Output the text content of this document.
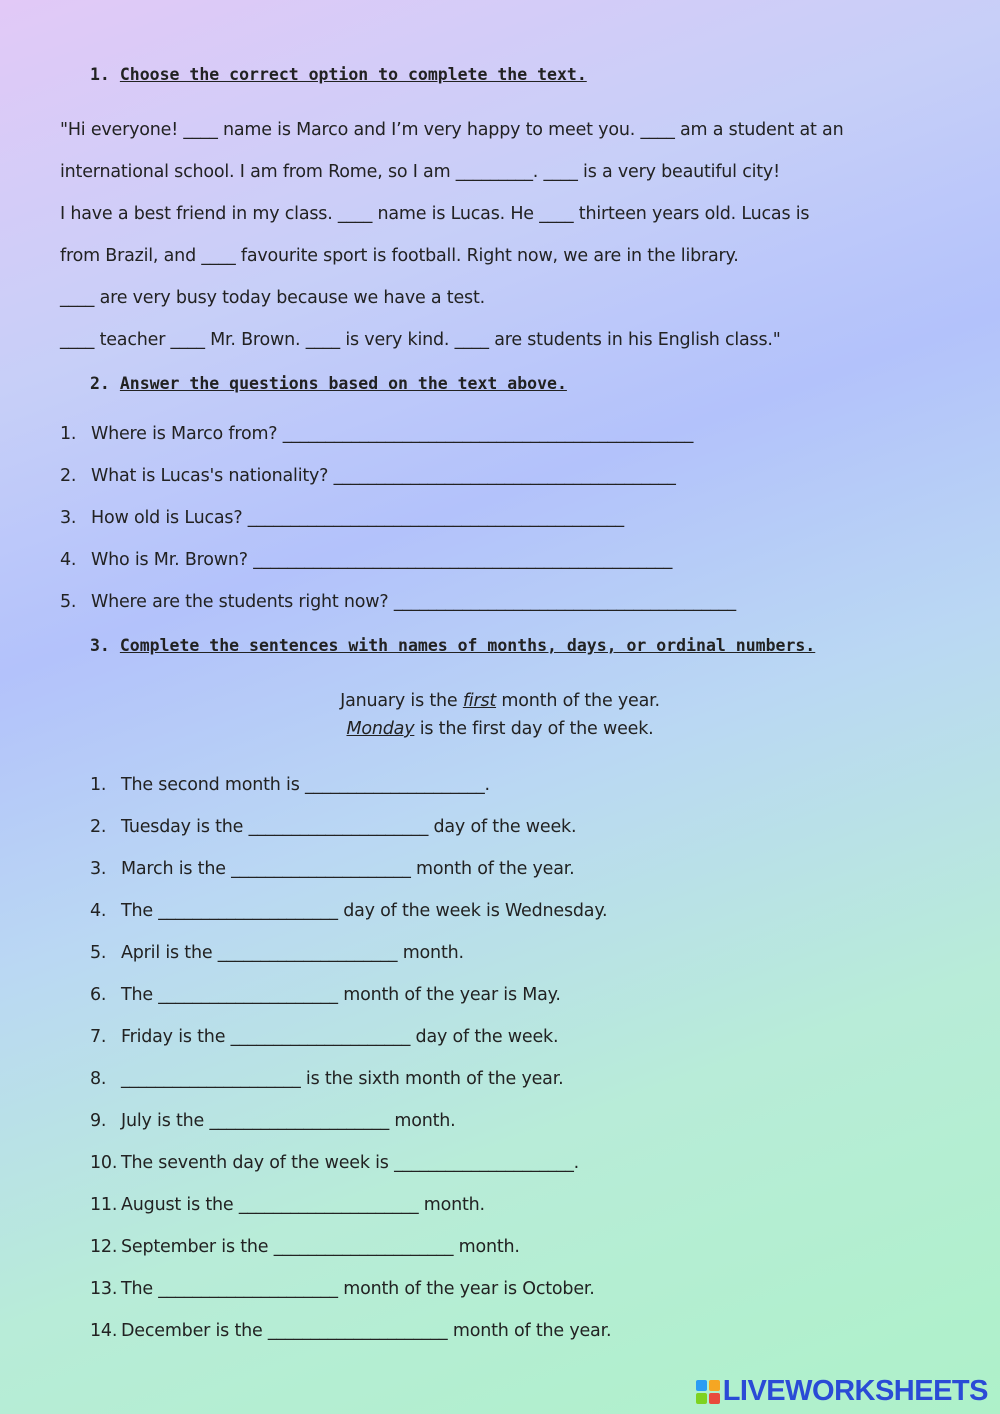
1. Choose the correct option to complete the text.
"Hi everyone! ____ name is Marco and I’m very happy to meet you. ____ am a student at an
international school. I am from Rome, so I am _________. ____ is a very beautiful city!
I have a best friend in my class. ____ name is Lucas. He ____ thirteen years old. Lucas is
from Brazil, and ____ favourite sport is football. Right now, we are in the library.
____ are very busy today because we have a test.
____ teacher ____ Mr. Brown. ____ is very kind. ____ are students in his English class."
2. Answer the questions based on the text above.
1. Where is Marco from? ________________________________________________
2. What is Lucas's nationality? ________________________________________
3. How old is Lucas? ____________________________________________
4. Who is Mr. Brown? _________________________________________________
5. Where are the students right now? ________________________________________
3. Complete the sentences with names of months, days, or ordinal numbers.
January is the first month of the year.
Monday is the first day of the week.
1. The second month is _____________________.
2. Tuesday is the _____________________ day of the week.
3. March is the _____________________ month of the year.
4. The _____________________ day of the week is Wednesday.
5. April is the _____________________ month.
6. The _____________________ month of the year is May.
7. Friday is the _____________________ day of the week.
8. _____________________ is the sixth month of the year.
9. July is the _____________________ month.
10. The seventh day of the week is _____________________.
11. August is the _____________________ month.
12. September is the _____________________ month.
13. The _____________________ month of the year is October.
14. December is the _____________________ month of the year.
LIVEWORKSHEETS
